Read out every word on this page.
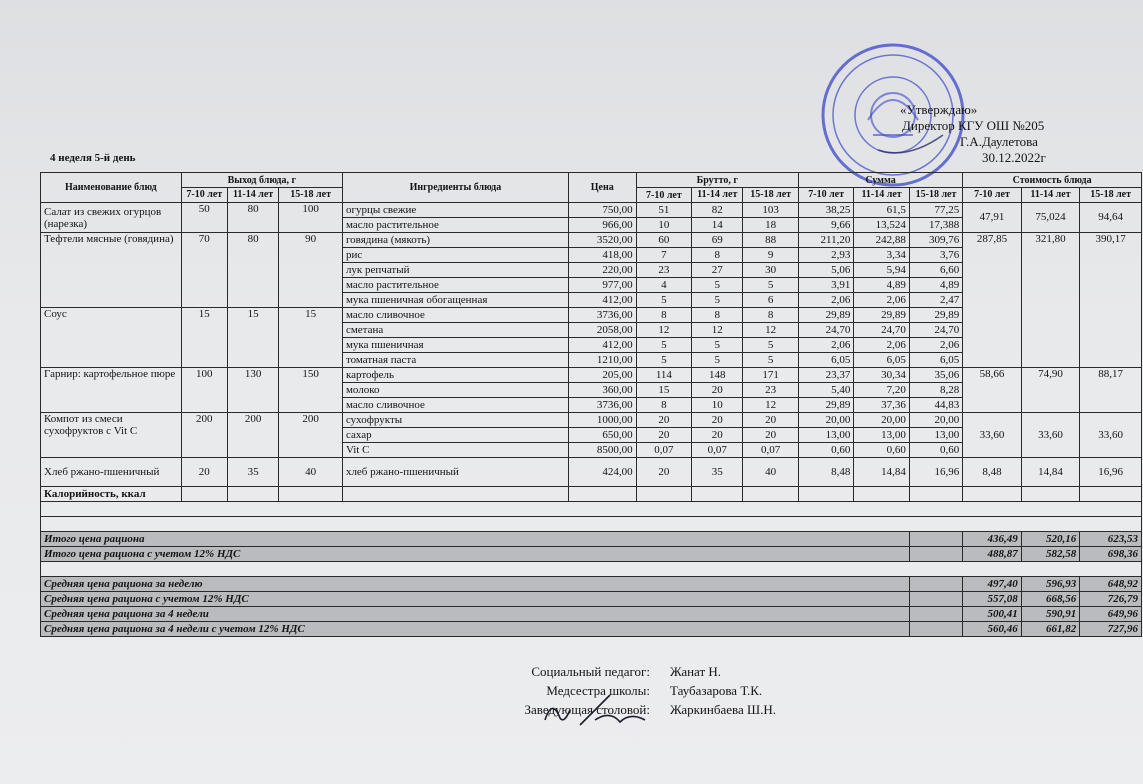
«Утверждаю»
Директор КГУ ОШ №205
Г.А.Даулетова
30.12.2022г
4 неделя 5-й день
Наименование блюд	Выход блюда, г			Ингредиенты блюда	Цена	Брутто, г			Сумма			Стоимость блюда		
	7-10 лет	11-14 лет	15-18 лет			7-10 лет	11-14 лет	15-18 лет	7-10 лет	11-14 лет	15-18 лет	7-10 лет	11-14 лет	15-18 лет
Салат из свежих огурцов (нарезка)	50	80	100	огурцы свежие	750,00	51	82	103	38,25	61,5	77,25	47,91	75,024	94,64
				масло растительное	966,00	10	14	18	9,66	13,524	17,388			
Тефтели мясные (говядина)	70	80	90	говядина (мякоть)	3520,00	60	69	88	211,20	242,88	309,76	287,85	321,80	390,17
				рис	418,00	7	8	9	2,93	3,34	3,76			
				лук репчатый	220,00	23	27	30	5,06	5,94	6,60			
				масло растительное	977,00	4	5	5	3,91	4,89	4,89			
				мука пшеничная обогащенная	412,00	5	5	6	2,06	2,06	2,47			
Соус	15	15	15	масло сливочное	3736,00	8	8	8	29,89	29,89	29,89			
				сметана	2058,00	12	12	12	24,70	24,70	24,70			
				мука пшеничная	412,00	5	5	5	2,06	2,06	2,06			
				томатная паста	1210,00	5	5	5	6,05	6,05	6,05			
Гарнир: картофельное пюре	100	130	150	картофель	205,00	114	148	171	23,37	30,34	35,06	58,66	74,90	88,17
				молоко	360,00	15	20	23	5,40	7,20	8,28			
				масло сливочное	3736,00	8	10	12	29,89	37,36	44,83			
Компот из смеси сухофруктов с Vit C	200	200	200	сухофрукты	1000,00	20	20	20	20,00	20,00	20,00	33,60	33,60	33,60
				сахар	650,00	20	20	20	13,00	13,00	13,00			
				Vit C	8500,00	0,07	0,07	0,07	0,60	0,60	0,60			
Хлеб ржано-пшеничный	20	35	40	хлеб ржано-пшеничный	424,00	20	35	40	8,48	14,84	16,96	8,48	14,84	16,96
Калорийность, ккал														

Итого цена рациона												436,49	520,16	623,53
Итого цена рациона с учетом 12% НДС												488,87	582,58	698,36

Средняя цена рациона за неделю												497,40	596,93	648,92
Средняя цена рациона с учетом 12% НДС												557,08	668,56	726,79
Средняя цена рациона за 4 недели												500,41	590,91	649,96
Средняя цена рациона за 4 недели с учетом 12% НДС												560,46	661,82	727,96
Социальный педагог:	Жанат Н.
Медсестра школы:	Таубазарова Т.К.
Заведующая столовой:	Жаркинбаева Ш.Н.
